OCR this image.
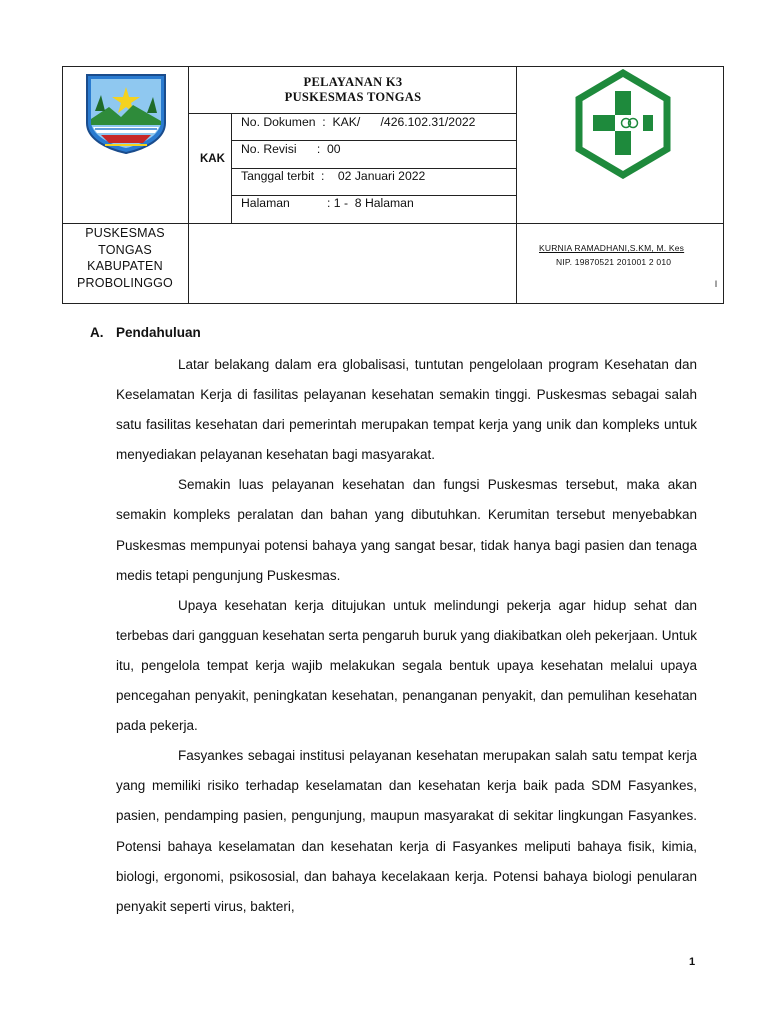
PELAYANAN K3
PUSKESMAS TONGAS
KAK
No. Dokumen  :  KAK/      /426.102.31/2022
No. Revisi      :  00
Tanggal terbit  :    02 Januari 2022
Halaman           : 1 -  8 Halaman
PUSKESMAS
TONGAS
KABUPATEN
PROBOLINGGO
KURNIA RAMADHANI,S.KM, M. Kes
NIP. 19870521 201001 2 010
l
A. Pendahuluan

Latar belakang dalam era globalisasi, tuntutan pengelolaan program Kesehatan dan Keselamatan Kerja di fasilitas pelayanan kesehatan semakin tinggi. Puskesmas sebagai salah satu fasilitas kesehatan dari pemerintah merupakan tempat kerja yang unik dan kompleks untuk menyediakan pelayanan kesehatan bagi masyarakat.

Semakin luas pelayanan kesehatan dan fungsi Puskesmas tersebut, maka akan semakin kompleks peralatan dan bahan yang dibutuhkan. Kerumitan tersebut menyebabkan Puskesmas mempunyai potensi bahaya yang sangat besar, tidak hanya bagi pasien dan tenaga medis tetapi pengunjung Puskesmas.

Upaya kesehatan kerja ditujukan untuk melindungi pekerja agar hidup sehat dan terbebas dari gangguan kesehatan serta pengaruh buruk yang diakibatkan oleh pekerjaan. Untuk itu, pengelola tempat kerja wajib melakukan segala bentuk upaya kesehatan melalui upaya pencegahan penyakit, peningkatan kesehatan, penanganan penyakit, dan pemulihan kesehatan pada pekerja.

Fasyankes sebagai institusi pelayanan kesehatan merupakan salah satu tempat kerja yang memiliki risiko terhadap keselamatan dan kesehatan kerja baik pada SDM Fasyankes, pasien, pendamping pasien, pengunjung, maupun masyarakat di sekitar lingkungan Fasyankes. Potensi bahaya keselamatan dan kesehatan kerja di Fasyankes meliputi bahaya fisik, kimia, biologi, ergonomi, psikososial, dan bahaya kecelakaan kerja. Potensi bahaya biologi penularan penyakit seperti virus, bakteri,

1
